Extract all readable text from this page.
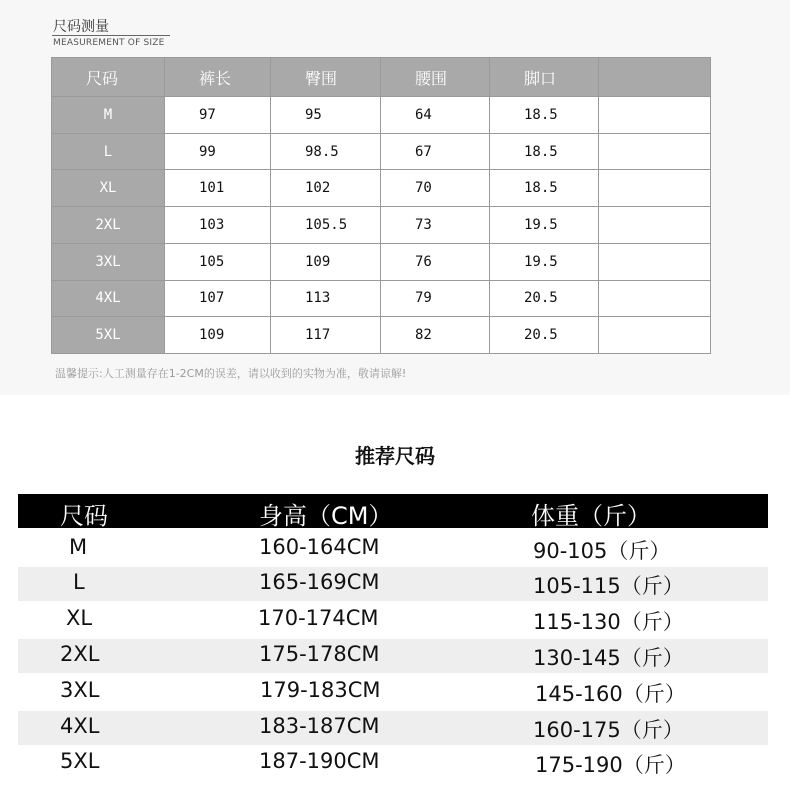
尺码测量
MEASUREMENT OF SIZE
尺码	裤长	臀围	腰围	脚口	
M	97	95	64	18.5	
L	99	98.5	67	18.5	
XL	101	102	70	18.5	
2XL	103	105.5	73	19.5	
3XL	105	109	76	19.5	
4XL	107	113	79	20.5	
5XL	109	117	82	20.5	
温馨提示:人工测量存在1-2CM的误差，请以收到的实物为准，敬请谅解!
推荐尺码
尺码	身高（CM）	体重（斤）
M	160-164CM	90-105（斤）
L	165-169CM	105-115（斤）
XL	170-174CM	115-130（斤）
2XL	175-178CM	130-145（斤）
3XL	179-183CM	145-160（斤）
4XL	183-187CM	160-175（斤）
5XL	187-190CM	175-190（斤）
